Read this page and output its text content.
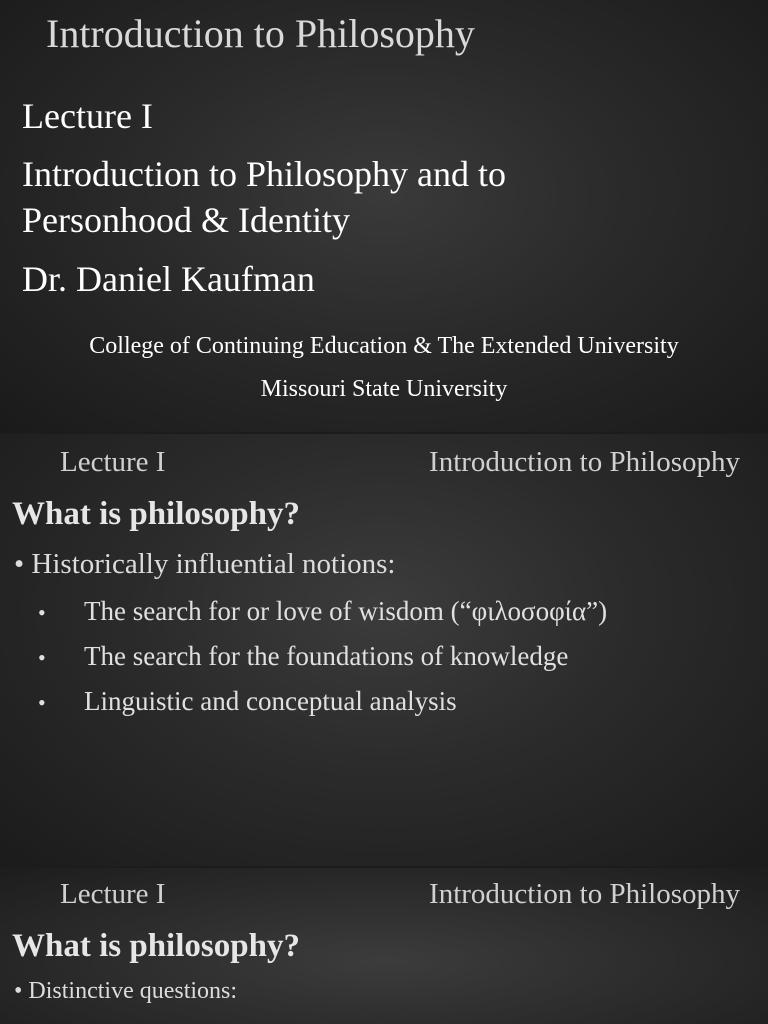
Introduction to Philosophy
Lecture I
Introduction to Philosophy and to
Personhood & Identity
Dr. Daniel Kaufman
College of Continuing Education & The Extended University
Missouri State University
Lecture I	Introduction to Philosophy
What is philosophy?
• Historically influential notions:
• The search for or love of wisdom (“φιλοσοφία”)
• The search for the foundations of knowledge
• Linguistic and conceptual analysis
Lecture I	Introduction to Philosophy
What is philosophy?
• Distinctive questions:
